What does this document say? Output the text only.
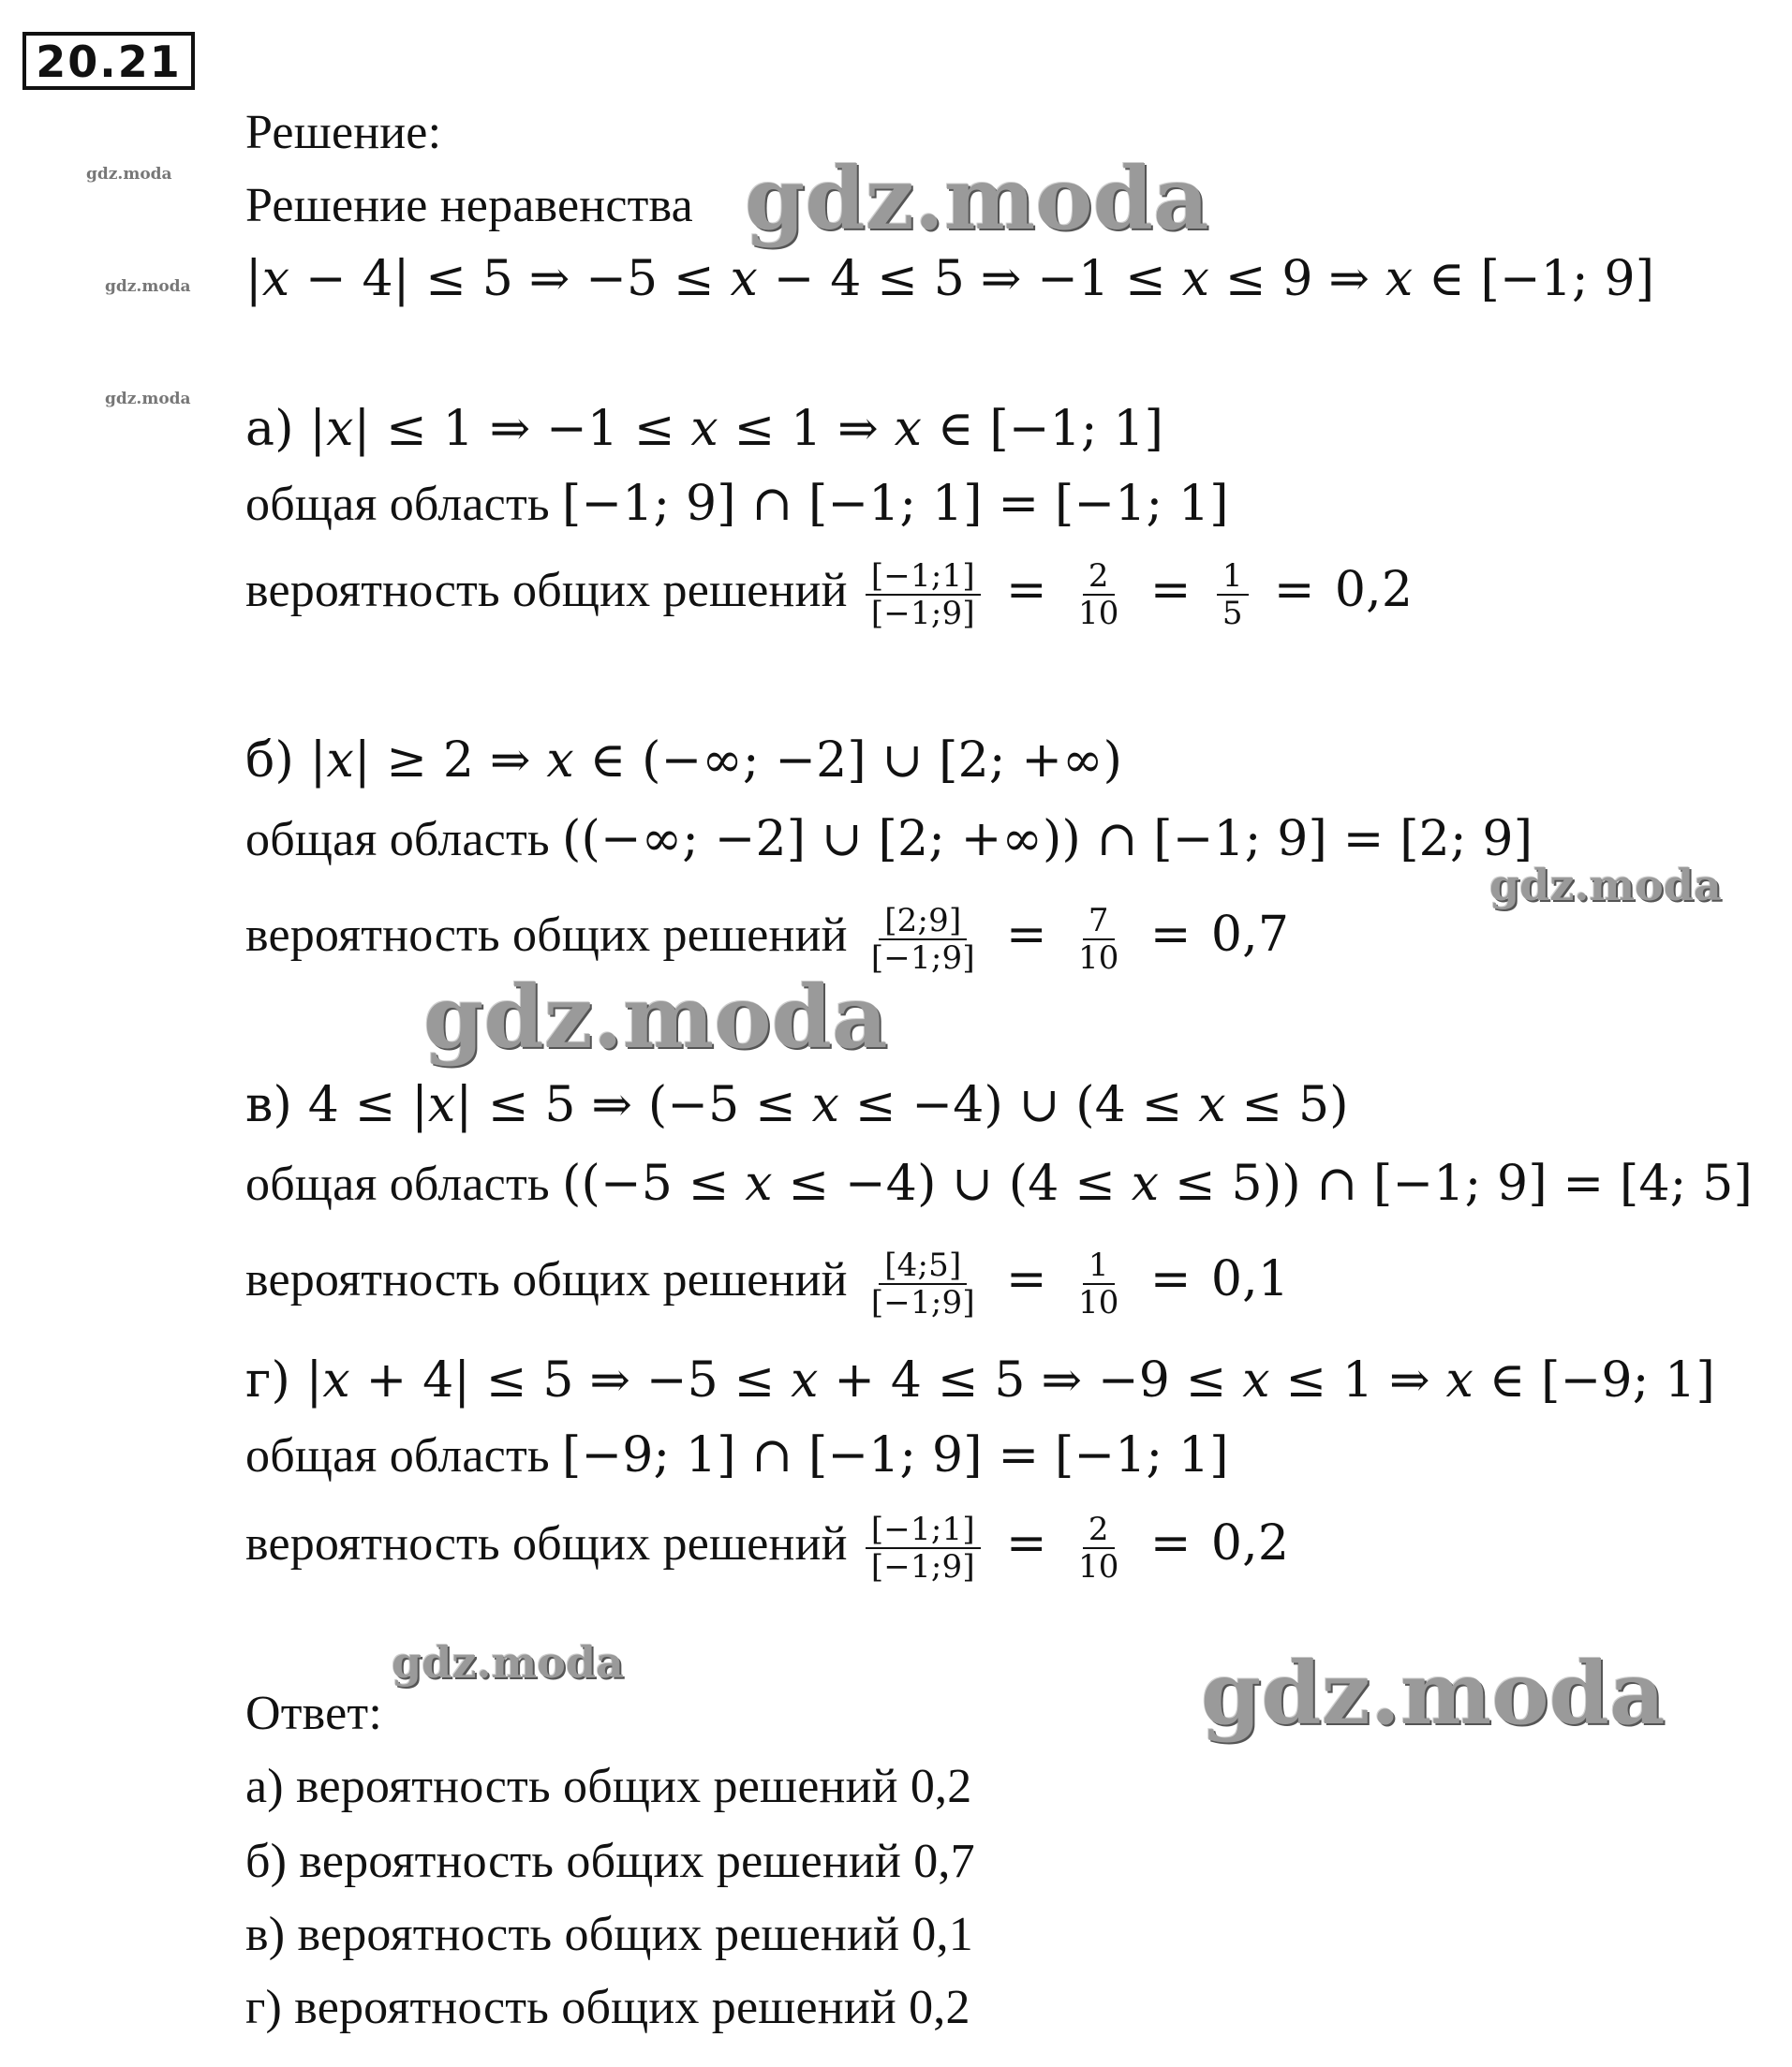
20.21
gdz.moda
gdz.moda
gdz.moda
gdz.moda
gdz.moda
gdz.moda
gdz.moda	gdz.moda
Решение:
Решение неравенства
|𝑥 − 4| ≤ 5 ⇒ −5 ≤ 𝑥 − 4 ≤ 5 ⇒ −1 ≤ 𝑥 ≤ 9 ⇒ 𝑥 ∈ [−1; 9]
а) |𝑥| ≤ 1 ⇒ −1 ≤ 𝑥 ≤ 1 ⇒ 𝑥 ∈ [−1; 1]
общая область [−1; 9] ∩ [−1; 1] = [−1; 1]
вероятность общих решений $\frac{[-1;1]}{[-1;9]} = \frac{2}{10} = \frac{1}{5} = 0,2$
б) |𝑥| ≥ 2 ⇒ 𝑥 ∈ (−∞; −2] ∪ [2; +∞)
общая область ((−∞; −2] ∪ [2; +∞)) ∩ [−1; 9] = [2; 9]
вероятность общих решений $\frac{[2;9]}{[-1;9]} = \frac{7}{10} = 0,7$
в) 4 ≤ |𝑥| ≤ 5 ⇒ (−5 ≤ 𝑥 ≤ −4) ∪ (4 ≤ 𝑥 ≤ 5)
общая область ((−5 ≤ 𝑥 ≤ −4) ∪ (4 ≤ 𝑥 ≤ 5)) ∩ [−1; 9] = [4; 5]
вероятность общих решений $\frac{[4;5]}{[-1;9]} = \frac{1}{10} = 0,1$
г) |𝑥 + 4| ≤ 5 ⇒ −5 ≤ 𝑥 + 4 ≤ 5 ⇒ −9 ≤ 𝑥 ≤ 1 ⇒ 𝑥 ∈ [−9; 1]
общая область [−9; 1] ∩ [−1; 9] = [−1; 1]
вероятность общих решений $\frac{[-1;1]}{[-1;9]} = \frac{2}{10} = 0,2$
Ответ:
а) вероятность общих решений 0,2
б) вероятность общих решений 0,7
в) вероятность общих решений 0,1
г) вероятность общих решений 0,2
